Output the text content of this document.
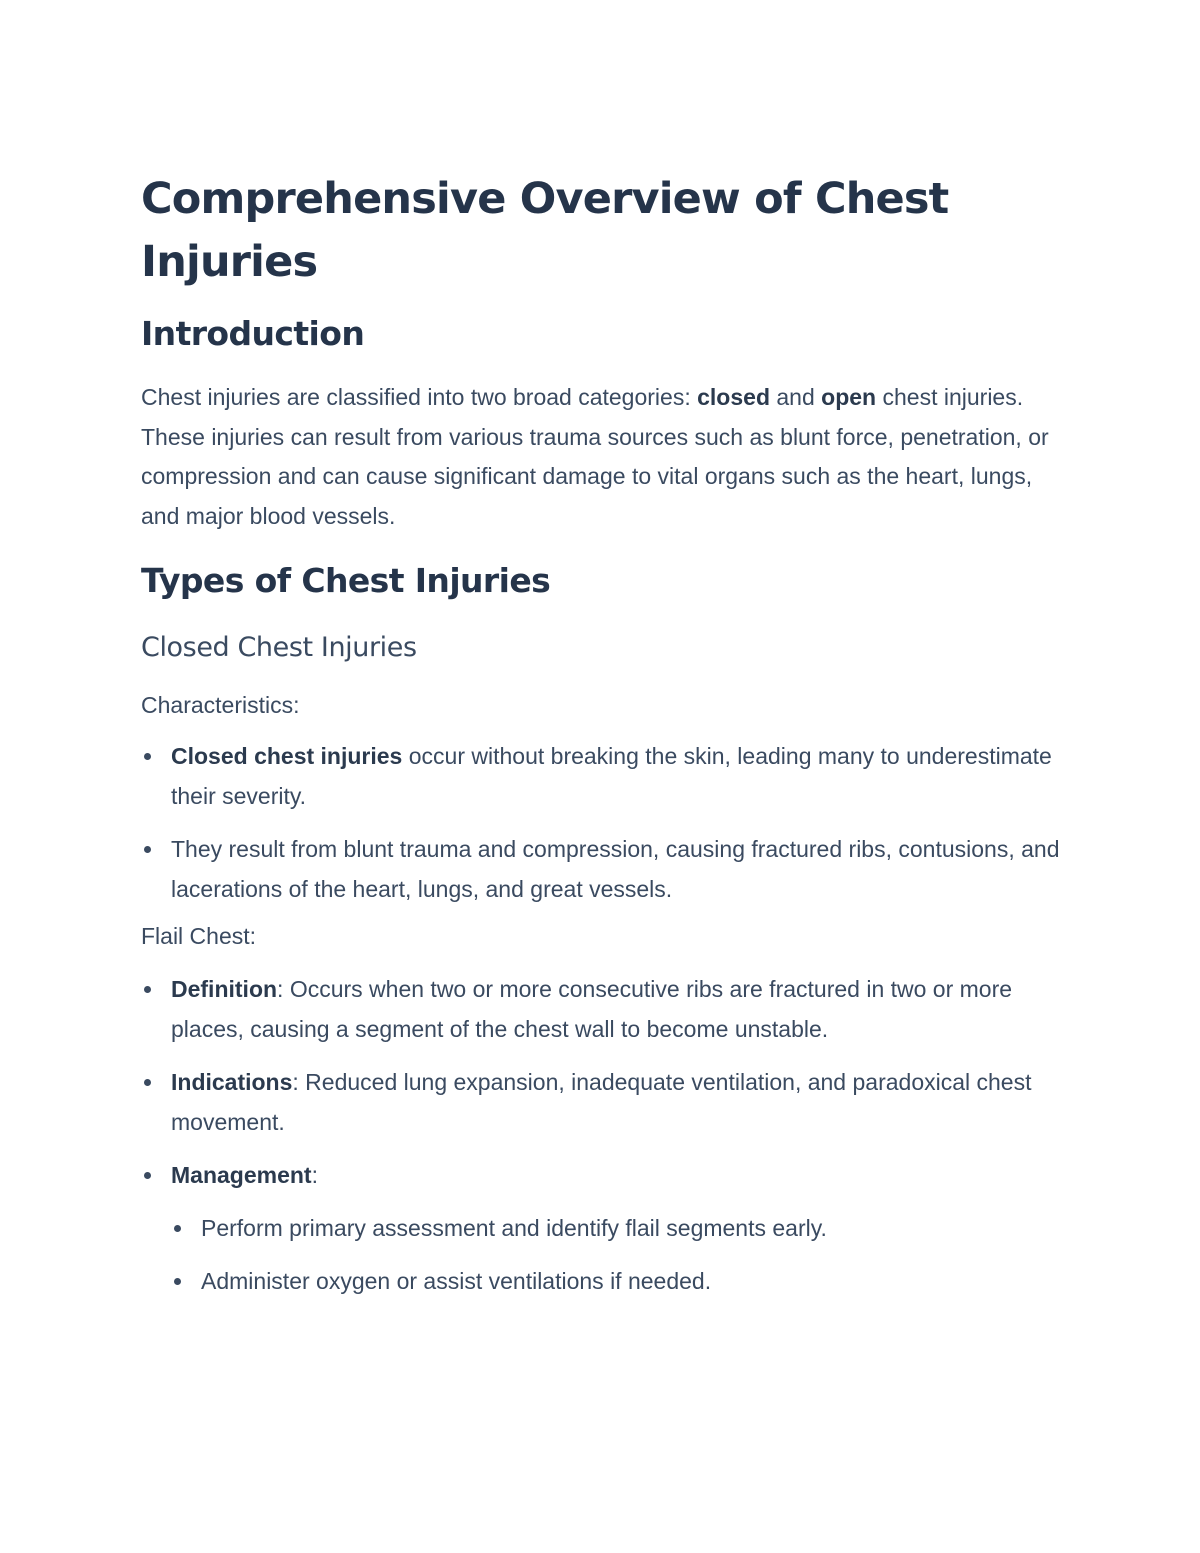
Comprehensive Overview of Chest Injuries
Introduction

Chest injuries are classified into two broad categories: closed and open chest injuries. These injuries can result from various trauma sources such as blunt force, penetration, or compression and can cause significant damage to vital organs such as the heart, lungs, and major blood vessels.

Types of Chest Injuries
Closed Chest Injuries
Characteristics:
Closed chest injuries occur without breaking the skin, leading many to underestimate their severity.
They result from blunt trauma and compression, causing fractured ribs, contusions, and lacerations of the heart, lungs, and great vessels.
Flail Chest:
Definition: Occurs when two or more consecutive ribs are fractured in two or more places, causing a segment of the chest wall to become unstable.
Indications: Reduced lung expansion, inadequate ventilation, and paradoxical chest movement.
Management:
Perform primary assessment and identify flail segments early.
Administer oxygen or assist ventilations if needed.
